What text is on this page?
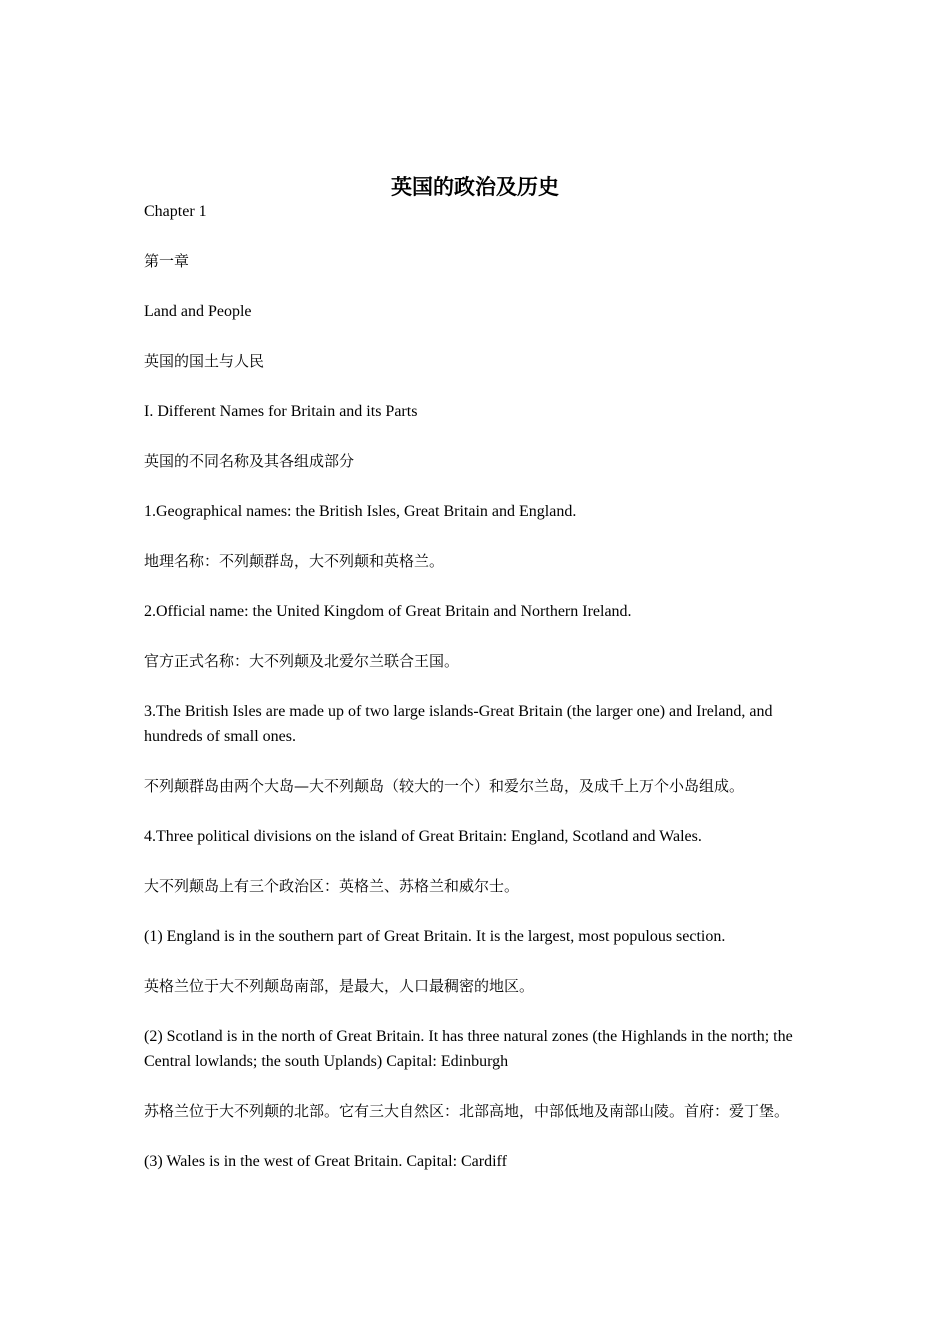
英国的政治及历史

Chapter 1

第一章

Land and People

英国的国土与人民

I. Different Names for Britain and its Parts

英国的不同名称及其各组成部分

1.Geographical names: the British Isles, Great Britain and England.

地理名称：不列颠群岛，大不列颠和英格兰。

2.Official name: the United Kingdom of Great Britain and Northern Ireland.

官方正式名称：大不列颠及北爱尔兰联合王国。

3.The British Isles are made up of two large islands-Great Britain (the larger one) and Ireland, and hundreds of small ones.

不列颠群岛由两个大岛—大不列颠岛（较大的一个）和爱尔兰岛，及成千上万个小岛组成。

4.Three political divisions on the island of Great Britain: England, Scotland and Wales.

大不列颠岛上有三个政治区：英格兰、苏格兰和威尔士。

(1) England is in the southern part of Great Britain. It is the largest, most populous section.

英格兰位于大不列颠岛南部，是最大，人口最稠密的地区。

(2) Scotland is in the north of Great Britain. It has three natural zones (the Highlands in the north; the Central lowlands; the south Uplands) Capital: Edinburgh

苏格兰位于大不列颠的北部。它有三大自然区：北部高地，中部低地及南部山陵。首府：爱丁堡。

(3) Wales is in the west of Great Britain. Capital: Cardiff
